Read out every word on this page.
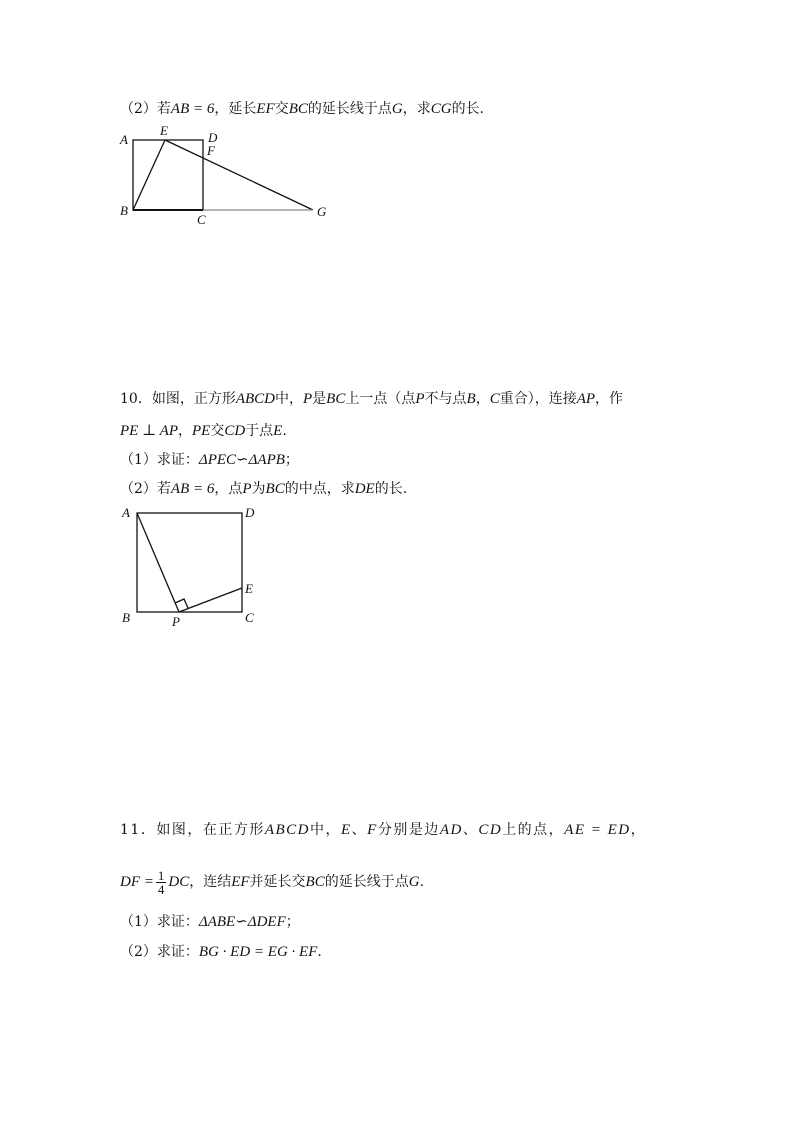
（2）若AB = 6，延长EF交BC的延长线于点G，求CG的长.
A
E	D
F
B
C
G
10．如图，正方形ABCD中，P是BC上一点（点P不与点B，C重合），连接AP，作
PE ⊥ AP，PE交CD于点E.
（1）求证：ΔPEC∽ΔAPB；
（2）若AB = 6，点P为BC的中点，求DE的长.
A	D
E
B	P	C
11．如图，在正方形ABCD中，E、F分别是边AD、CD上的点，AE = ED，
DF = $\frac{1}{4}$ DC，连结EF并延长交BC的延长线于点G.
（1）求证：ΔABE∽ΔDEF；
（2）求证：BG · ED = EG · EF.
